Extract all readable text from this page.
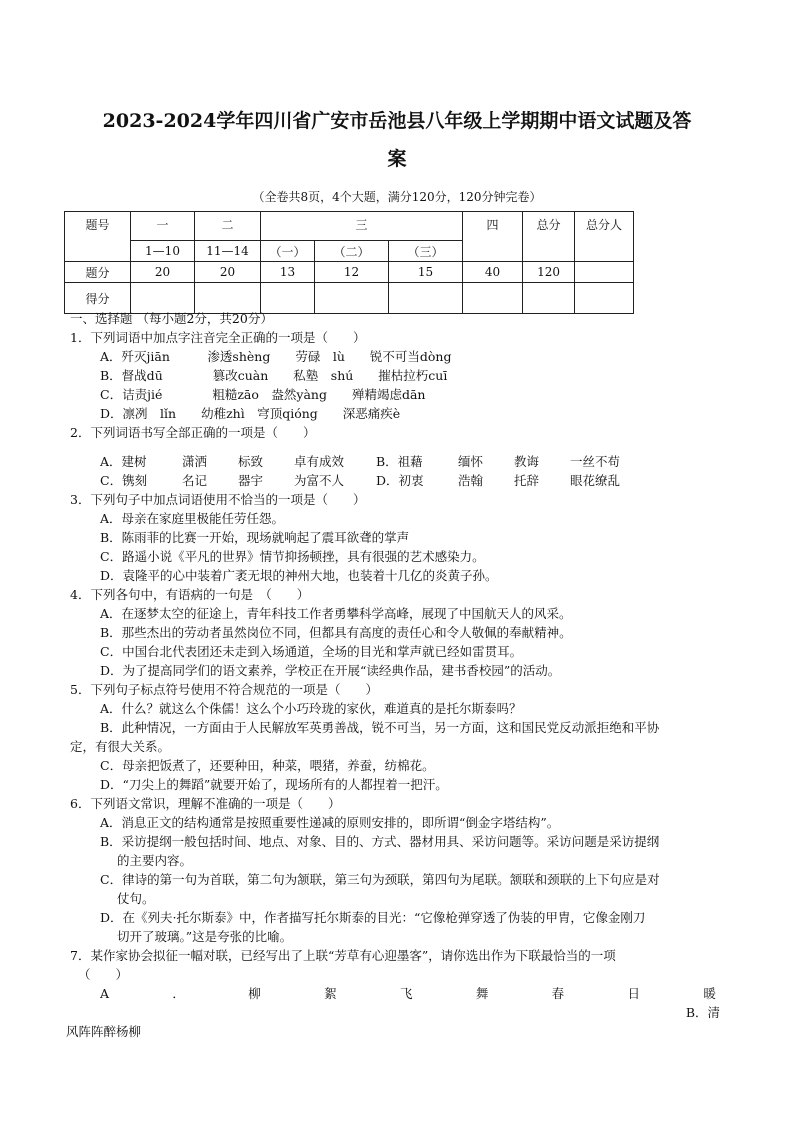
2023-2024学年四川省广安市岳池县八年级上学期期中语文试题及答
案
（全卷共8页，4个大题，满分120分，120分钟完卷）
题号	一	二	三			四	总分	总分人
	1—10	11—14	（一）	（二）	（三）			
题分	20	20	13	12	15	40	120	
得分								
一、选择题 （每小题2分，共20分）
1．下列词语中加点字注音完全正确的一项是（　　）
A．歼灭jiān　　　渗透shèng　　劳碌　lù　　锐不可当dòng
B．督战dū　　　　篡改cuàn　　私塾　shú　　摧枯拉朽cuī
C．诘责jié　　　　粗糙zāo　盎然yàng　　殚精竭虑dān
D．凛冽　lǐn　　幼稚zhì　穹顶qióng　　深恶痛疾è
2．下列词语书写全部正确的一项是（　　）
A．建树	潇洒	标致	卓有成效	B．祖藉	缅怀	教诲	一丝不苟
C．镌刻	名记	器宇	为富不人	D．初衷	浩翰	托辞	眼花缭乱
3．下列句子中加点词语使用不恰当的一项是（　　）
A．母亲在家庭里极能任劳任怨。
B．陈雨菲的比赛一开始，现场就响起了震耳欲聋的掌声
C．路遥小说《平凡的世界》情节抑扬顿挫，具有很强的艺术感染力。
D．袁隆平的心中装着广袤无垠的神州大地，也装着十几亿的炎黄子孙。
4．下列各句中，有语病的一句是　（　　）
A．在逐梦太空的征途上，青年科技工作者勇攀科学高峰，展现了中国航天人的风采。
B．那些杰出的劳动者虽然岗位不同，但都具有高度的责任心和令人敬佩的奉献精神。
C．中国台北代表团还未走到入场通道，全场的目光和掌声就已经如雷贯耳。
D．为了提高同学们的语文素养，学校正在开展“读经典作品，建书香校园”的活动。
5．下列句子标点符号使用不符合规范的一项是（　　）
A．什么？就这么个侏儒！这么个小巧玲珑的家伙，难道真的是托尔斯泰吗？
B．此种情况，一方面由于人民解放军英勇善战，锐不可当，另一方面，这和国民党反动派拒绝和平协
定，有很大关系。
C．母亲把饭煮了，还要种田，种菜，喂猪，养蚕，纺棉花。
D．“刀尖上的舞蹈”就要开始了，现场所有的人都捏着一把汗。
6．下列语文常识，理解不准确的一项是（　　）
A．消息正文的结构通常是按照重要性递减的原则安排的，即所谓“倒金字塔结构”。
B．采访提纲一般包括时间、地点、对象、目的、方式、器材用具、采访问题等。采访问题是采访提纲
的主要内容。
C．律诗的第一句为首联，第二句为颔联，第三句为颈联，第四句为尾联。颔联和颈联的上下句应是对
仗句。
D．在《列夫·托尔斯泰》中，作者描写托尔斯泰的目光：“它像枪弹穿透了伪装的甲胄，它像金刚刀
切开了玻璃。”这是夸张的比喻。
7．某作家协会拟征一幅对联，已经写出了上联“芳草有心迎墨客”，请你选出作为下联最恰当的一项
（　　）
A	．	柳	絮	飞	舞	春	日	暖
B．清
风阵阵醉杨柳
